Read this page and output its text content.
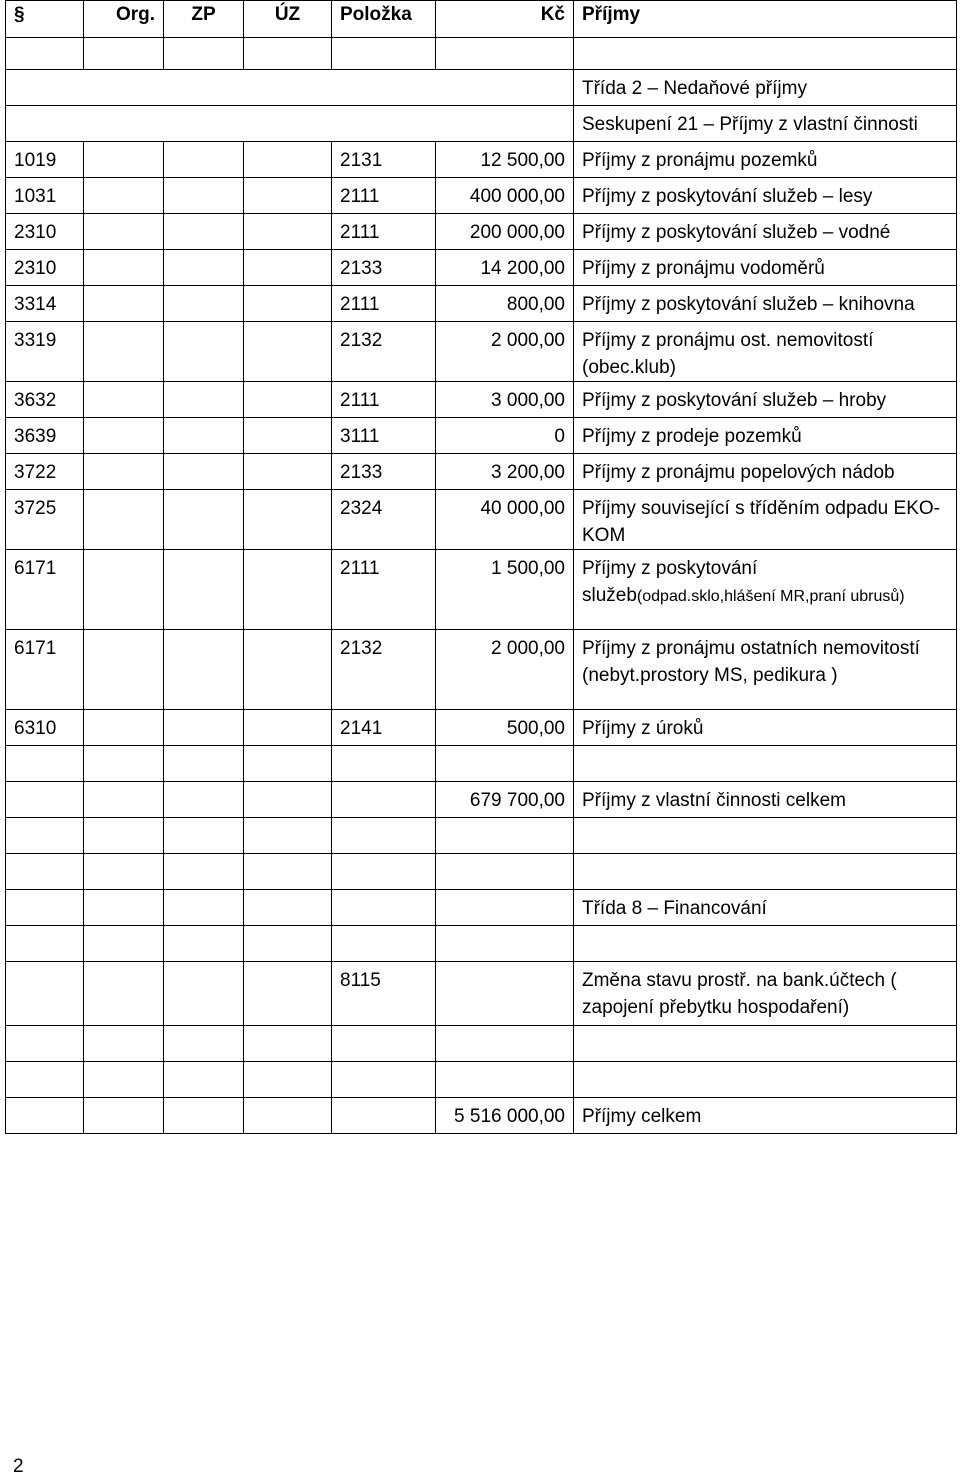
§	Org.	ZP	ÚZ	Položka	Kč	Příjmy

						Třída 2 – Nedaňové příjmy
						Seskupení 21 – Příjmy z vlastní činnosti
1019				2131	12 500,00	Příjmy z pronájmu pozemků
1031				2111	400 000,00	Příjmy z poskytování služeb – lesy
2310				2111	200 000,00	Příjmy z poskytování služeb – vodné
2310				2133	14 200,00	Příjmy z pronájmu vodoměrů
3314				2111	800,00	Příjmy z poskytování služeb – knihovna
3319				2132	2 000,00	Příjmy z pronájmu ost. nemovitostí (obec.klub)
3632				2111	3 000,00	Příjmy z poskytování služeb – hroby
3639				3111	0	Příjmy z prodeje pozemků
3722				2133	3 200,00	Příjmy z pronájmu popelových nádob
3725				2324	40 000,00	Příjmy související s tříděním odpadu EKO-KOM
6171				2111	1 500,00	Příjmy z poskytování služeb(odpad.sklo,hlášení MR,praní ubrusů)
6171				2132	2 000,00	Příjmy z pronájmu ostatních nemovitostí (nebyt.prostory MS, pedikura )
6310				2141	500,00	Příjmy z úroků

					679 700,00	Příjmy z vlastní činnosti celkem

						Třída 8 – Financování

				8115		Změna stavu prostř. na bank.účtech ( zapojení přebytku hospodaření)

					5 516 000,00	Příjmy celkem
2
